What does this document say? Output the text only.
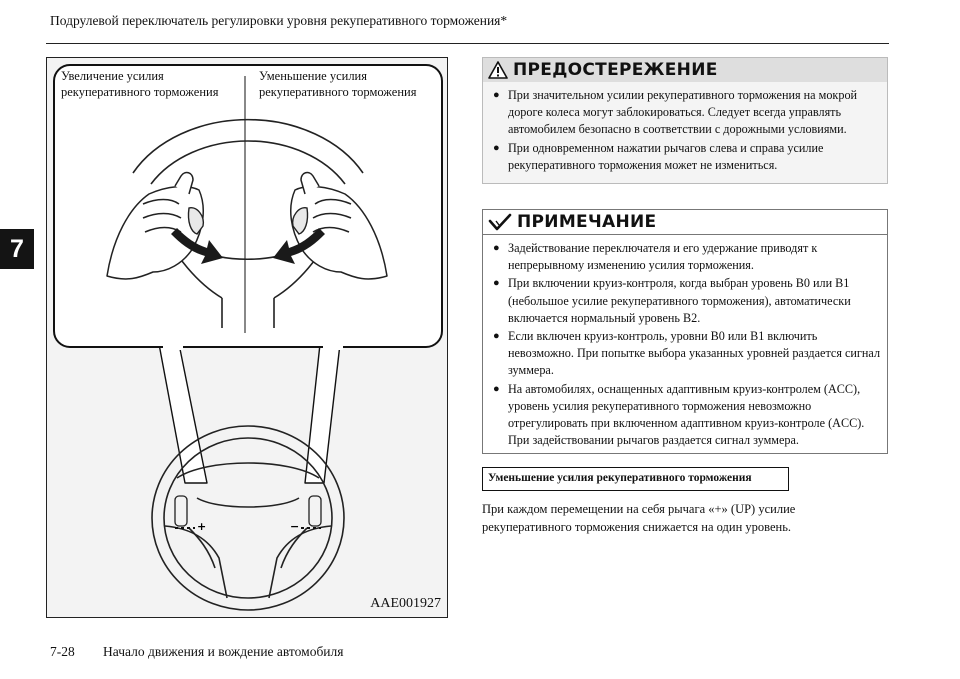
Подрулевой переключатель регулировки уровня рекуперативного торможения*
7
+	−
Увеличение усилия рекуперативного торможения
Уменьшение усилия рекуперативного торможения
AAE001927
ПРЕДОСТЕРЕЖЕНИЕ
● При значительном усилии рекуперативного торможения на мокрой дороге колеса могут заблокироваться. Следует всегда управлять автомобилем безопасно в соответствии с дорожными условиями.
● При одновременном нажатии рычагов слева и справа усилие рекуперативного торможения может не измениться.
ПРИМЕЧАНИЕ
● Задействование переключателя и его удержание приводят к непрерывному изменению усилия торможения.
● При включении круиз-контроля, когда выбран уровень B0 или B1 (небольшое усилие рекуперативного торможения), автоматически включается нормальный уровень B2.
● Если включен круиз-контроль, уровни B0 или B1 включить невозможно. При попытке выбора указанных уровней раздается сигнал зуммера.
● На автомобилях, оснащенных адаптивным круиз-контролем (ACC), уровень усилия рекуперативного торможения невозможно отрегулировать при включенном адаптивном круиз-контроле (ACC). При задействовании рычагов раздается сигнал зуммера.
Уменьшение усилия рекуперативного торможения
При каждом перемещении на себя рычага «+» (UP) усилие рекуперативного торможения снижается на один уровень.
7-28 Начало движения и вождение автомобиля
